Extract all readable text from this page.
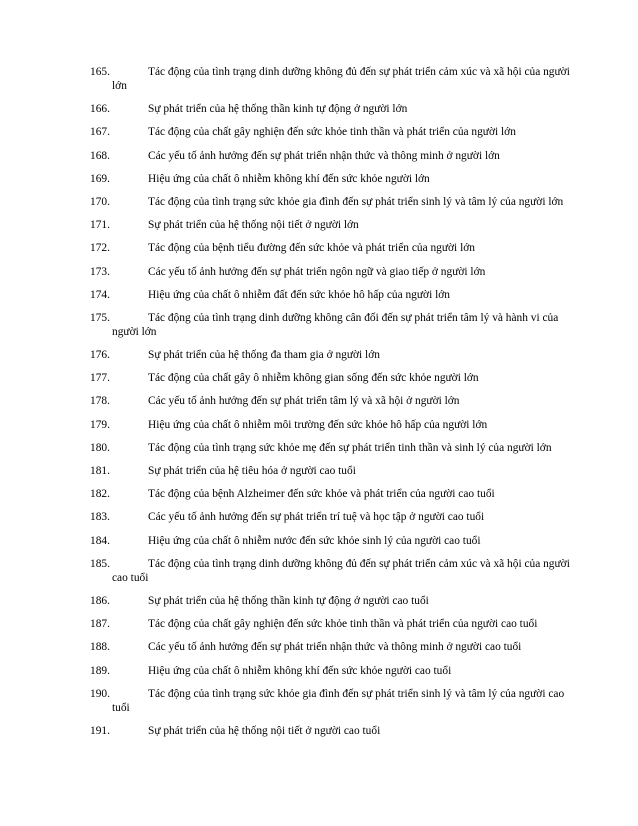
165.	Tác động của tình trạng dinh dưỡng không đủ đến sự phát triển cảm xúc và xã hội của người lớn
166.	Sự phát triển của hệ thống thần kinh tự động ở người lớn
167.	Tác động của chất gây nghiện đến sức khỏe tinh thần và phát triển của người lớn
168.	Các yếu tố ảnh hưởng đến sự phát triển nhận thức và thông minh ở người lớn
169.	Hiệu ứng của chất ô nhiễm không khí đến sức khỏe người lớn
170.	Tác động của tình trạng sức khỏe gia đình đến sự phát triển sinh lý và tâm lý của người lớn
171.	Sự phát triển của hệ thống nội tiết ở người lớn
172.	Tác động của bệnh tiểu đường đến sức khỏe và phát triển của người lớn
173.	Các yếu tố ảnh hưởng đến sự phát triển ngôn ngữ và giao tiếp ở người lớn
174.	Hiệu ứng của chất ô nhiễm đất đến sức khỏe hô hấp của người lớn
175.	Tác động của tình trạng dinh dưỡng không cân đối đến sự phát triển tâm lý và hành vi của người lớn
176.	Sự phát triển của hệ thống đa tham gia ở người lớn
177.	Tác động của chất gây ô nhiễm không gian sống đến sức khỏe người lớn
178.	Các yếu tố ảnh hưởng đến sự phát triển tâm lý và xã hội ở người lớn
179.	Hiệu ứng của chất ô nhiễm môi trường đến sức khỏe hô hấp của người lớn
180.	Tác động của tình trạng sức khỏe mẹ đến sự phát triển tinh thần và sinh lý của người lớn
181.	Sự phát triển của hệ tiêu hóa ở người cao tuổi
182.	Tác động của bệnh Alzheimer đến sức khỏe và phát triển của người cao tuổi
183.	Các yếu tố ảnh hưởng đến sự phát triển trí tuệ và học tập ở người cao tuổi
184.	Hiệu ứng của chất ô nhiễm nước đến sức khỏe sinh lý của người cao tuổi
185.	Tác động của tình trạng dinh dưỡng không đủ đến sự phát triển cảm xúc và xã hội của người cao tuổi
186.	Sự phát triển của hệ thống thần kinh tự động ở người cao tuổi
187.	Tác động của chất gây nghiện đến sức khỏe tinh thần và phát triển của người cao tuổi
188.	Các yếu tố ảnh hưởng đến sự phát triển nhận thức và thông minh ở người cao tuổi
189.	Hiệu ứng của chất ô nhiễm không khí đến sức khỏe người cao tuổi
190.	Tác động của tình trạng sức khỏe gia đình đến sự phát triển sinh lý và tâm lý của người cao tuổi
191.	Sự phát triển của hệ thống nội tiết ở người cao tuổi
